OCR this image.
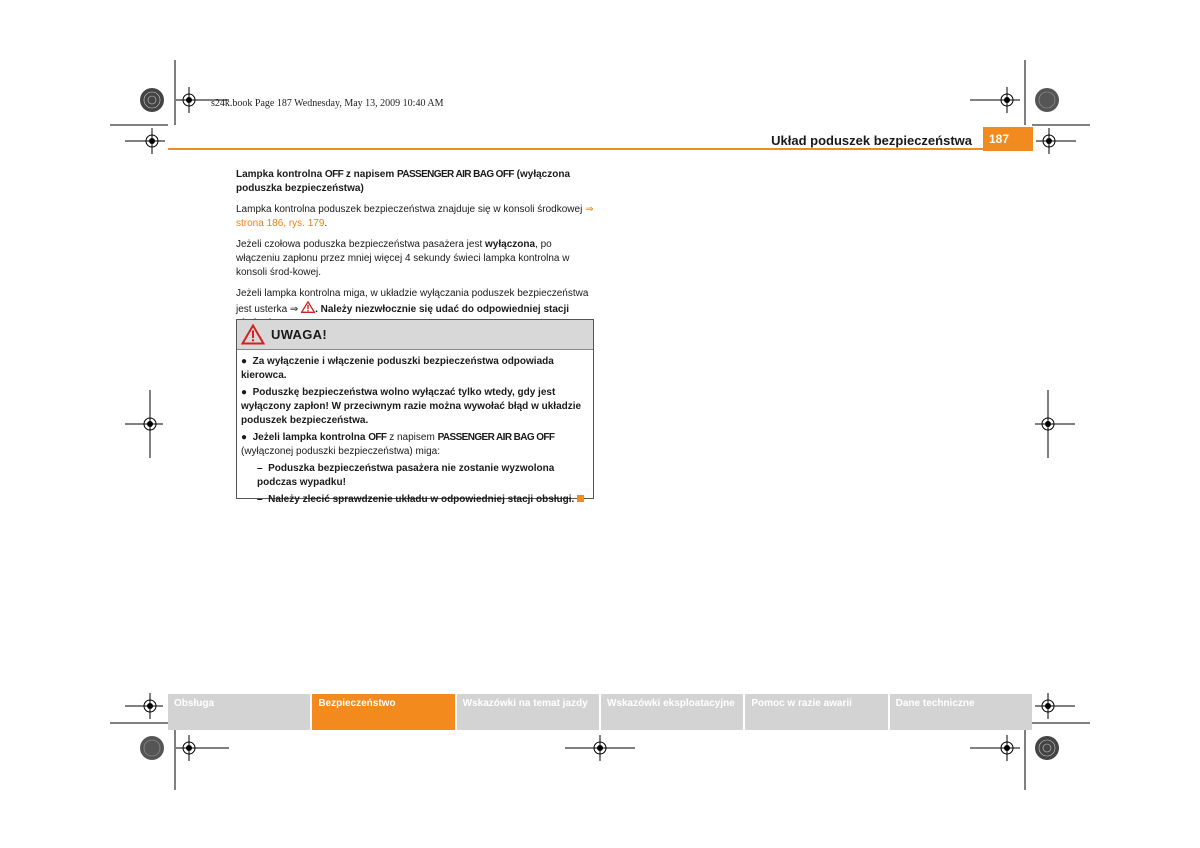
s24k.book Page 187 Wednesday, May 13, 2009 10:40 AM
Układ poduszek bezpieczeństwa	187

Lampka kontrolna OFF z napisem PASSENGER AIR BAG OFF (wyłączona poduszka bezpieczeństwa)

Lampka kontrolna poduszek bezpieczeństwa znajduje się w konsoli środkowej ⇒ strona 186, rys. 179.

Jeżeli czołowa poduszka bezpieczeństwa pasażera jest wyłączona, po włączeniu zapłonu przez mniej więcej 4 sekundy świeci lampka kontrolna w konsoli środ-kowej.

Jeżeli lampka kontrolna miga, w układzie wyłączania poduszek bezpieczeństwa jest usterka ⇒ . Należy niezwłocznie się udać do odpowiedniej stacji

UWAGA!
●  Za wyłączenie i włączenie poduszki bezpieczeństwa odpowiada kierowca.
●  Poduszkę bezpieczeństwa wolno wyłączać tylko wtedy, gdy jest wyłączony zapłon! W przeciwnym razie można wywołać błąd w układzie poduszek bezpieczeństwa.
●  Jeżeli lampka kontrolna OFF z napisem PASSENGER AIR BAG OFF (wyłączonej poduszki bezpieczeństwa) miga:
–  Poduszka bezpieczeństwa pasażera nie zostanie wyzwolona podczas wypadku!
–  Należy zlecić sprawdzenie układu w odpowiedniej stacji obsługi.
Obsługa	Bezpieczeństwo	Wskazówki na temat jazdy	Wskazówki eksploatacyjne	Pomoc w razie awarii	Dane techniczne
